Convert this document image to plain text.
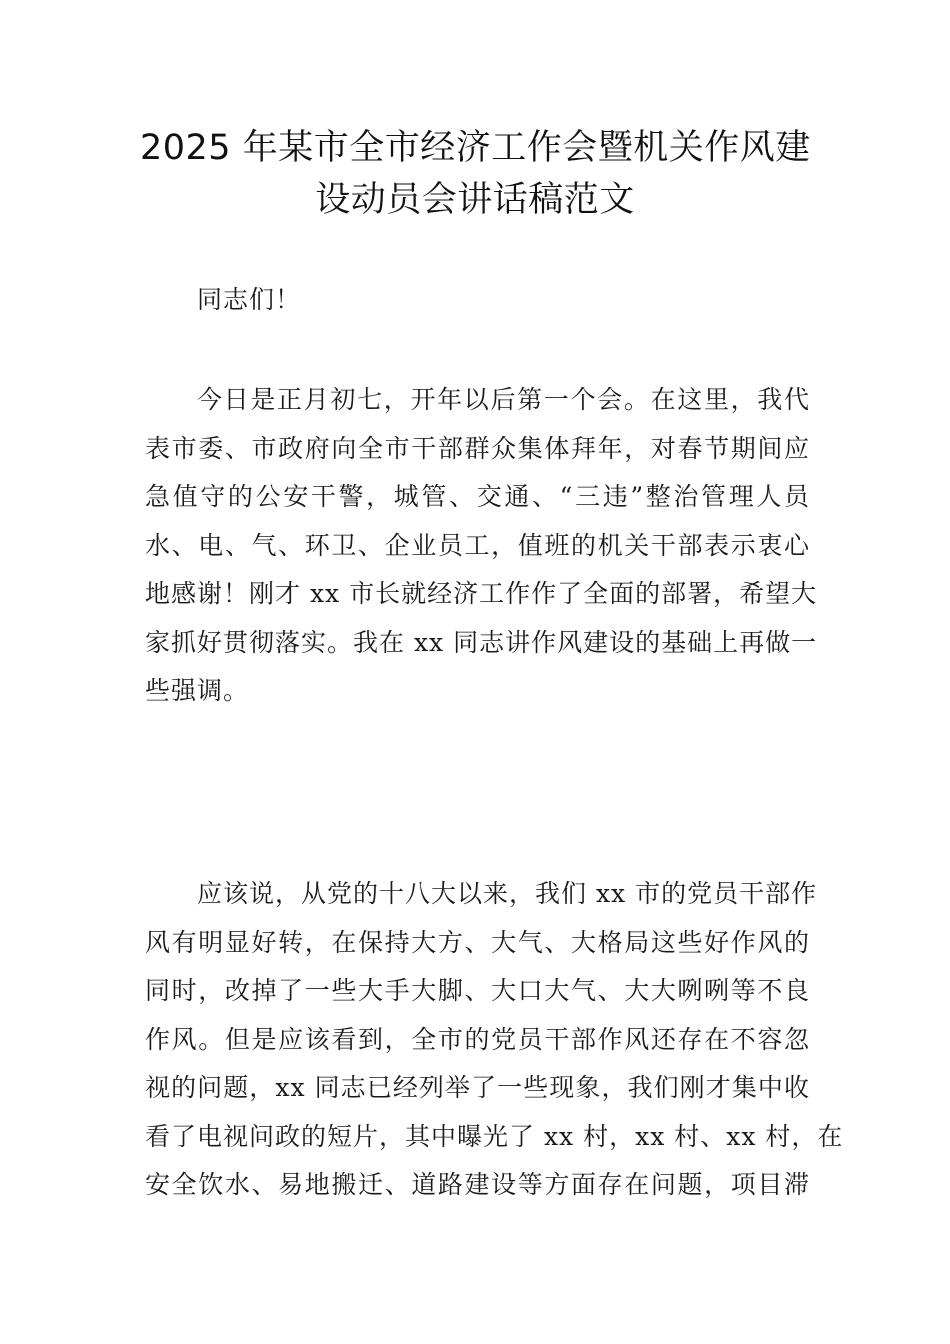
2025 年某市全市经济工作会暨机关作风建
设动员会讲话稿范文
同志们！
今日是正月初七，开年以后第一个会。在这里，我代
表市委、市政府向全市干部群众集体拜年，对春节期间应
急值守的公安干警，城管、交通、“三违”整治管理人员
水、电、气、环卫、企业员工，值班的机关干部表示衷心
地感谢！刚才 xx 市长就经济工作作了全面的部署，希望大
家抓好贯彻落实。我在 xx 同志讲作风建设的基础上再做一
些强调。
应该说，从党的十八大以来，我们 xx 市的党员干部作
风有明显好转，在保持大方、大气、大格局这些好作风的
同时，改掉了一些大手大脚、大口大气、大大咧咧等不良
作风。但是应该看到，全市的党员干部作风还存在不容忽
视的问题，xx 同志已经列举了一些现象，我们刚才集中收
看了电视问政的短片，其中曝光了 xx 村，xx 村、xx 村，在
安全饮水、易地搬迁、道路建设等方面存在问题，项目滞
